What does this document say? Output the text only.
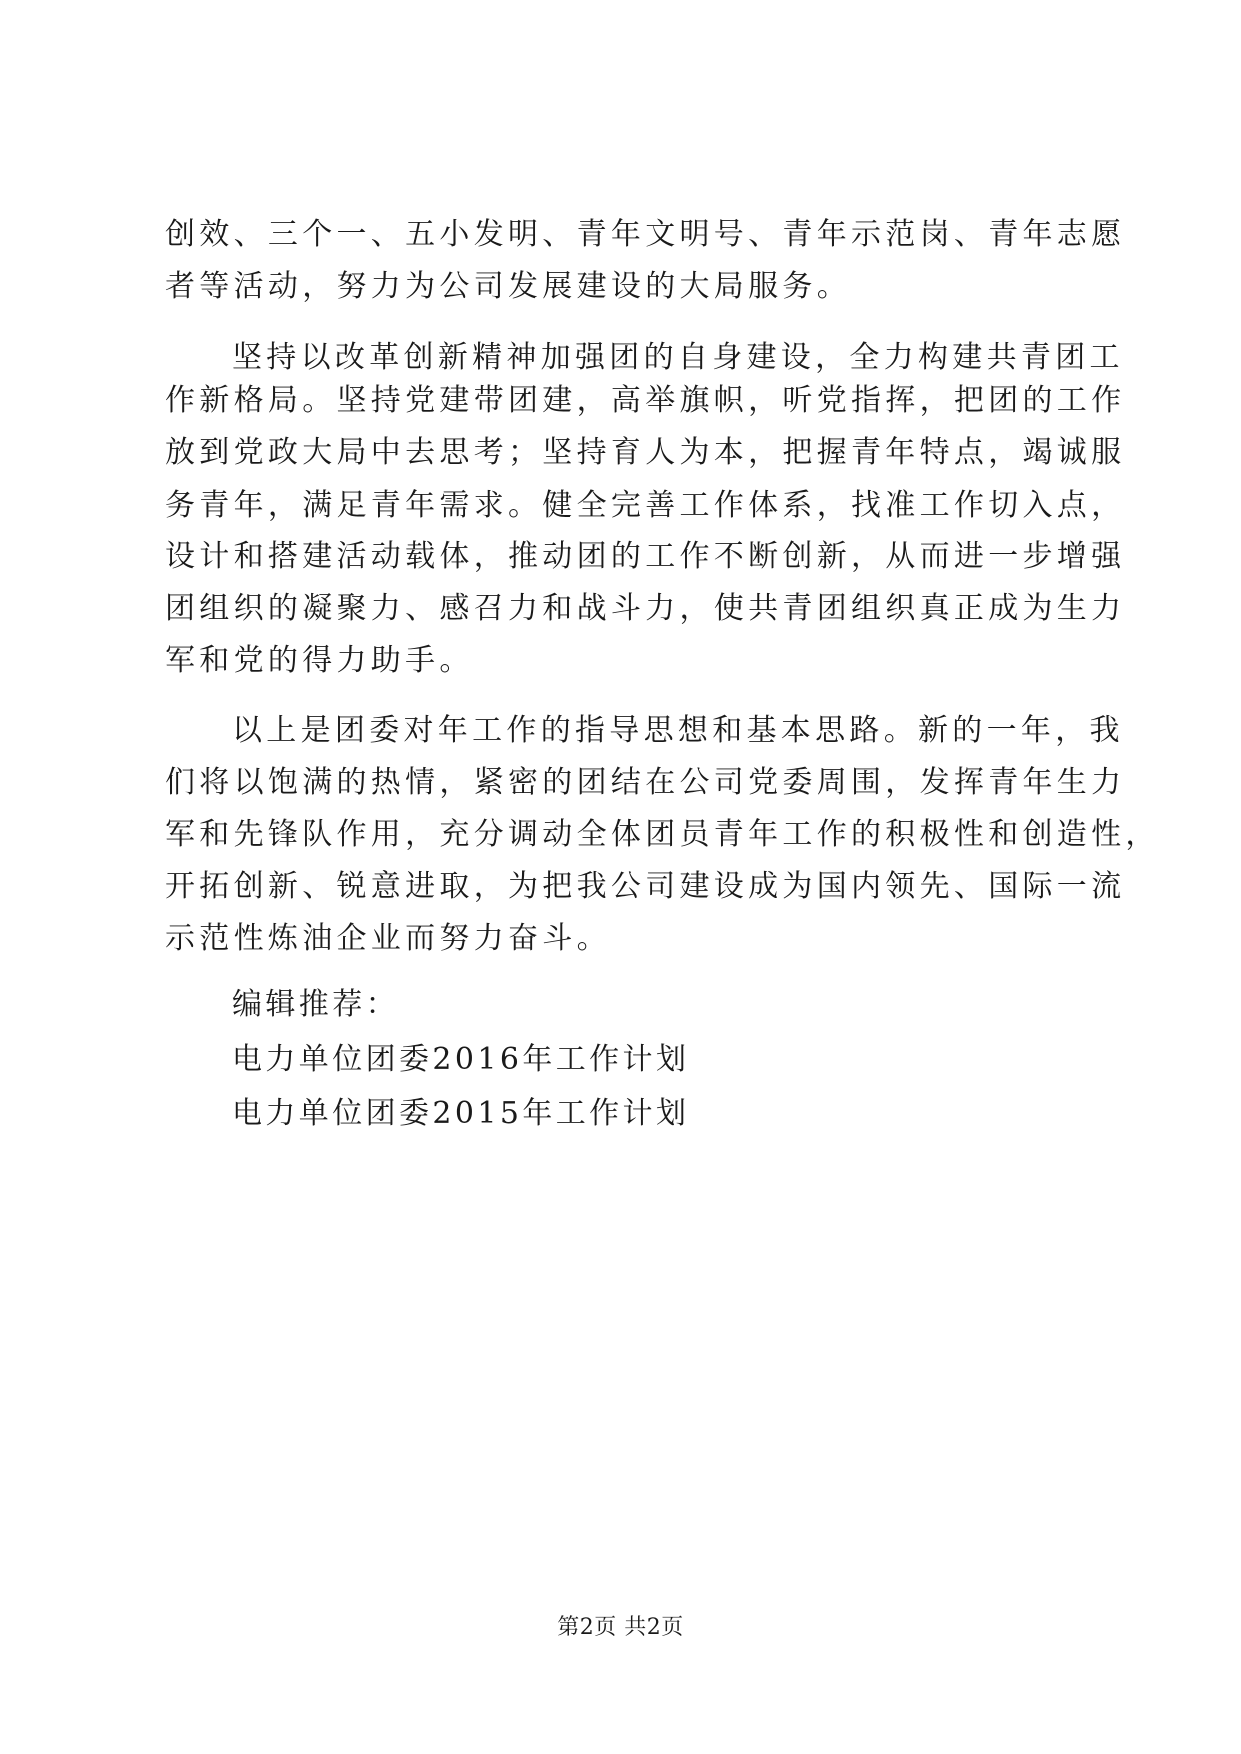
创效、三个一、五小发明、青年文明号、青年示范岗、青年志愿
者等活动，努力为公司发展建设的大局服务。
坚持以改革创新精神加强团的自身建设，全力构建共青团工
作新格局。坚持党建带团建，高举旗帜，听党指挥，把团的工作
放到党政大局中去思考；坚持育人为本，把握青年特点，竭诚服
务青年，满足青年需求。健全完善工作体系，找准工作切入点，
设计和搭建活动载体，推动团的工作不断创新，从而进一步增强
团组织的凝聚力、感召力和战斗力，使共青团组织真正成为生力
军和党的得力助手。
以上是团委对年工作的指导思想和基本思路。新的一年，我
们将以饱满的热情，紧密的团结在公司党委周围，发挥青年生力
军和先锋队作用，充分调动全体团员青年工作的积极性和创造性，
开拓创新、锐意进取，为把我公司建设成为国内领先、国际一流
示范性炼油企业而努力奋斗。
编辑推荐：
电力单位团委2016年工作计划
电力单位团委2015年工作计划
第2页 共2页
